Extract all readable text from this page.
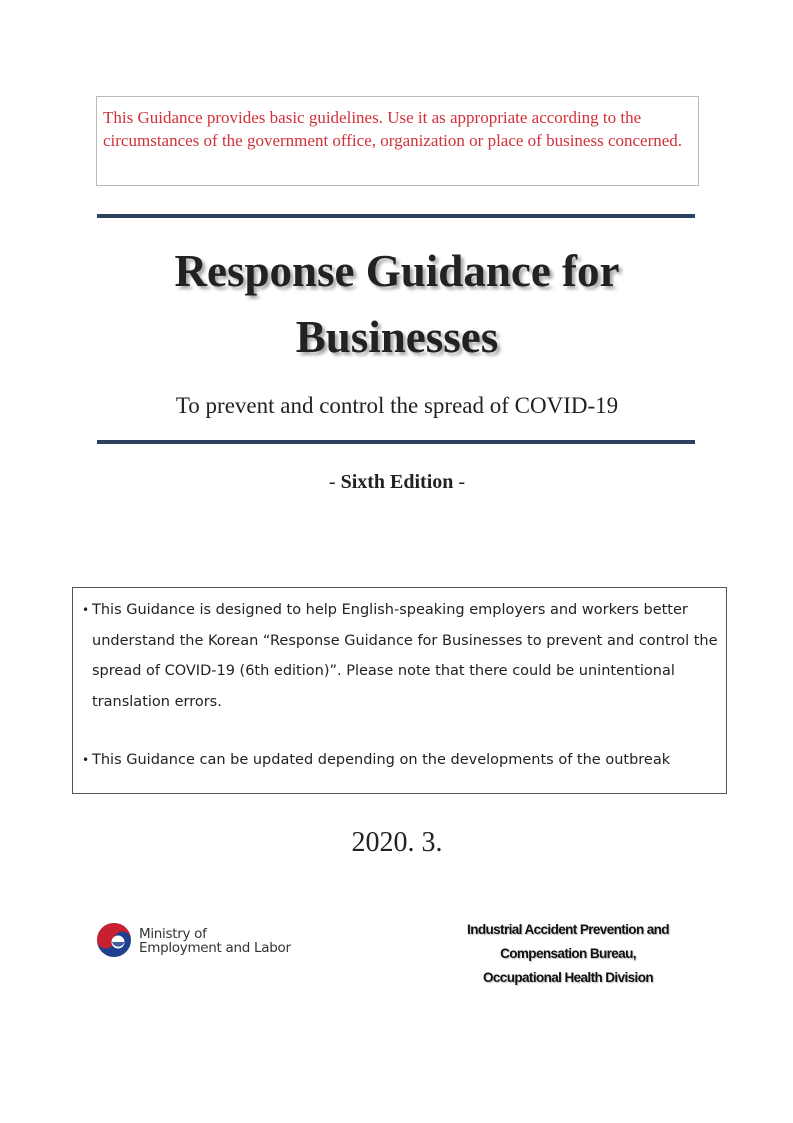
This Guidance provides basic guidelines. Use it as appropriate according to the circumstances of the government office, organization or place of business concerned.
Response Guidance for
Businesses
To prevent and control the spread of COVID-19
- Sixth Edition -
• This Guidance is designed to help English-speaking employers and workers better understand the Korean “Response Guidance for Businesses to prevent and control the spread of COVID-19 (6th edition)”. Please note that there could be unintentional translation errors.
• This Guidance can be updated depending on the developments of the outbreak
2020. 3.
Ministry of
Employment and Labor
Industrial Accident Prevention and
Compensation Bureau,
Occupational Health Division
